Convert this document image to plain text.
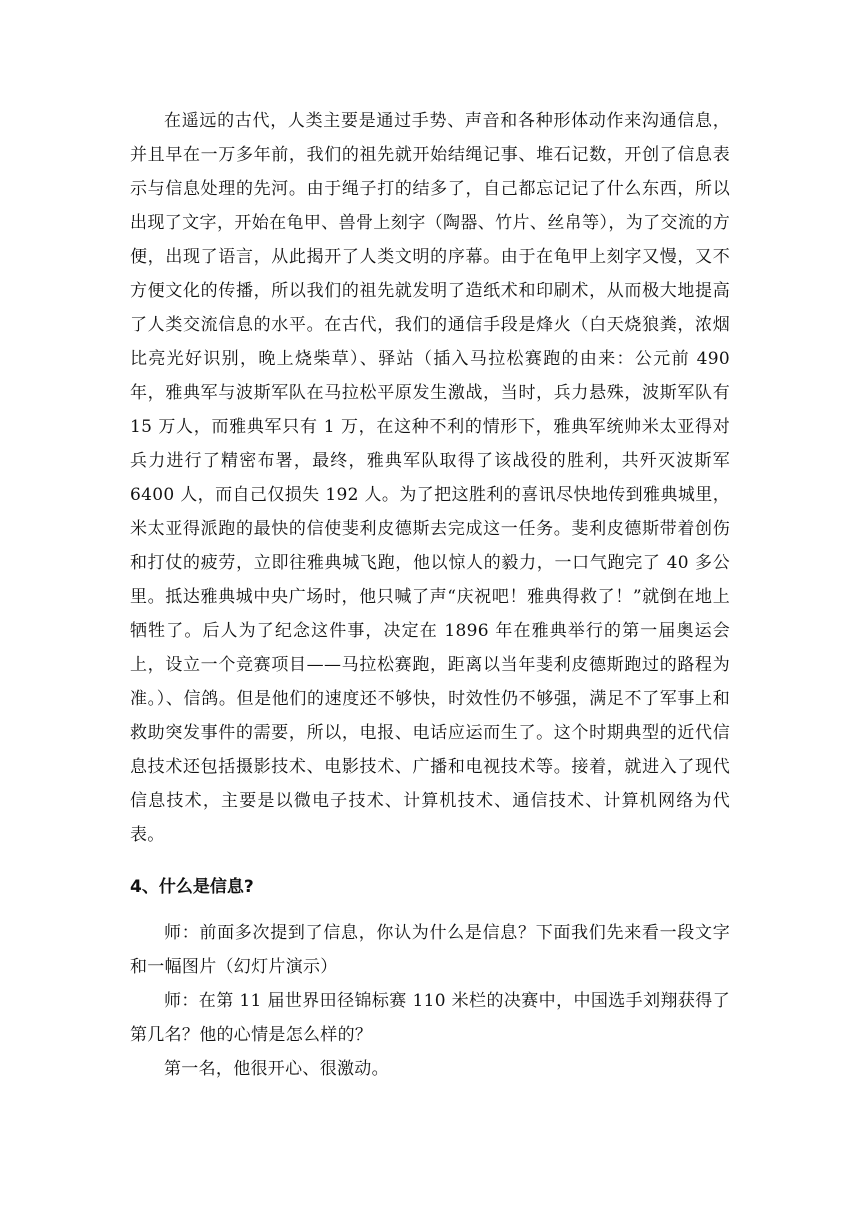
在遥远的古代，人类主要是通过手势、声音和各种形体动作来沟通信息，并且早在一万多年前，我们的祖先就开始结绳记事、堆石记数，开创了信息表示与信息处理的先河。由于绳子打的结多了，自己都忘记记了什么东西，所以出现了文字，开始在龟甲、兽骨上刻字（陶器、竹片、丝帛等），为了交流的方便，出现了语言，从此揭开了人类文明的序幕。由于在龟甲上刻字又慢，又不方便文化的传播，所以我们的祖先就发明了造纸术和印刷术，从而极大地提高了人类交流信息的水平。在古代，我们的通信手段是烽火（白天烧狼粪，浓烟比亮光好识别，晚上烧柴草）、驿站（插入马拉松赛跑的由来：公元前 490 年，雅典军与波斯军队在马拉松平原发生激战，当时，兵力悬殊，波斯军队有 15 万人，而雅典军只有 1 万，在这种不利的情形下，雅典军统帅米太亚得对兵力进行了精密布署，最终，雅典军队取得了该战役的胜利，共歼灭波斯军 6400 人，而自己仅损失 192 人。为了把这胜利的喜讯尽快地传到雅典城里，米太亚得派跑的最快的信使斐利皮德斯去完成这一任务。斐利皮德斯带着创伤和打仗的疲劳，立即往雅典城飞跑，他以惊人的毅力，一口气跑完了 40 多公里。抵达雅典城中央广场时，他只喊了声“庆祝吧！雅典得救了！”就倒在地上牺牲了。后人为了纪念这件事，决定在 1896 年在雅典举行的第一届奥运会上，设立一个竞赛项目——马拉松赛跑，距离以当年斐利皮德斯跑过的路程为准。）、信鸽。但是他们的速度还不够快，时效性仍不够强，满足不了军事上和救助突发事件的需要，所以，电报、电话应运而生了。这个时期典型的近代信息技术还包括摄影技术、电影技术、广播和电视技术等。接着，就进入了现代信息技术，主要是以微电子技术、计算机技术、通信技术、计算机网络为代表。

4、什么是信息?

师：前面多次提到了信息，你认为什么是信息？下面我们先来看一段文字和一幅图片（幻灯片演示）

师：在第 11 届世界田径锦标赛 110 米栏的决赛中，中国选手刘翔获得了第几名？他的心情是怎么样的？

第一名，他很开心、很激动。
